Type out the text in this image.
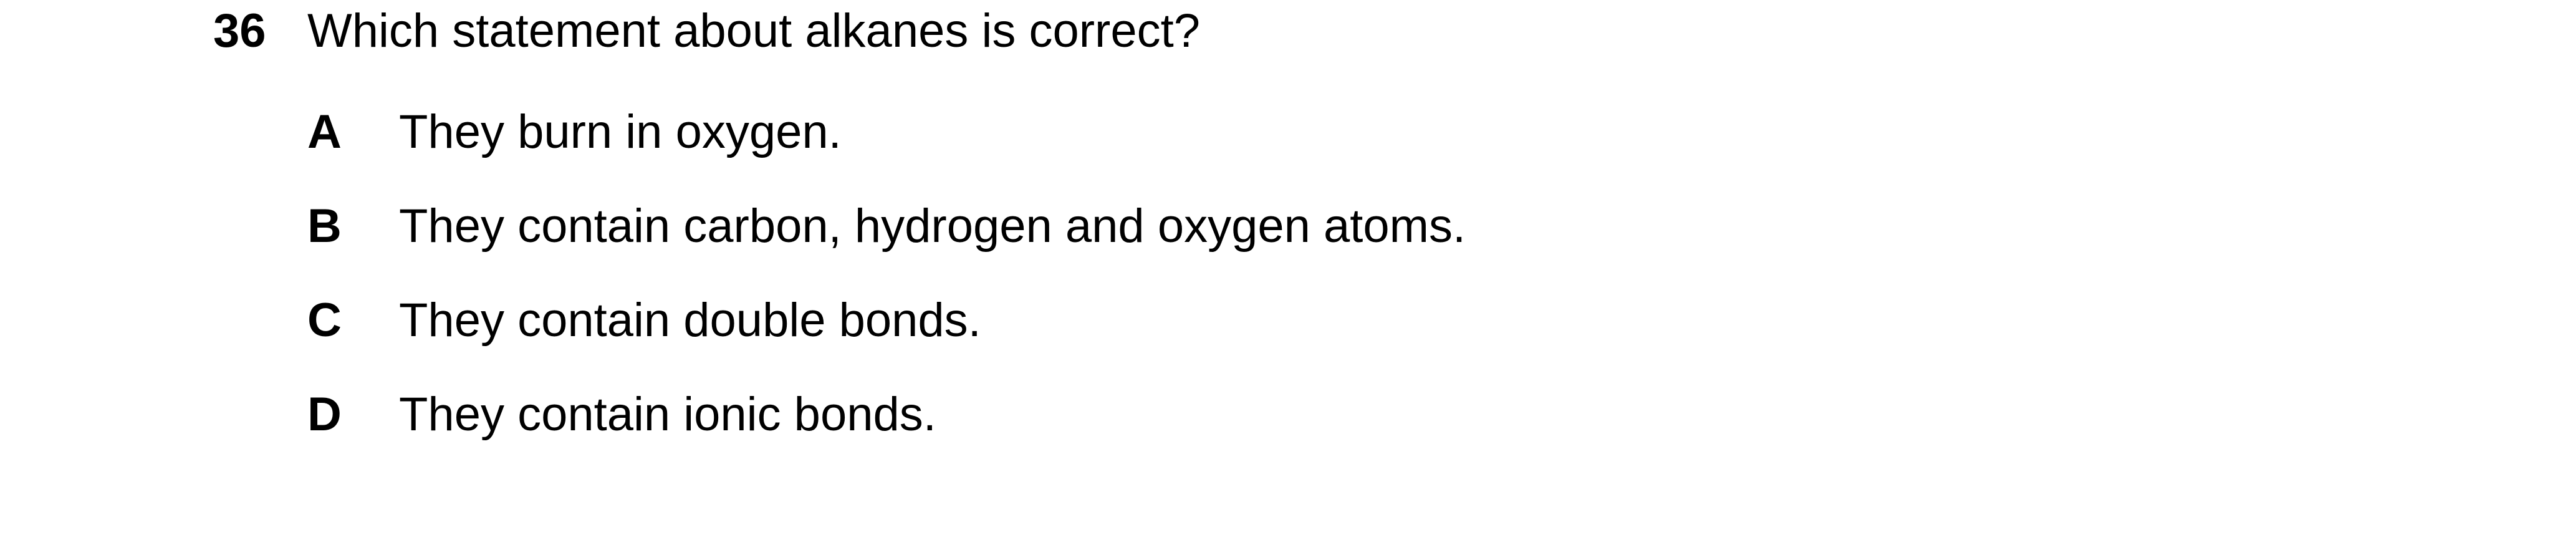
36 Which statement about alkanes is correct?
A They burn in oxygen.
B They contain carbon, hydrogen and oxygen atoms.
C They contain double bonds.
D They contain ionic bonds.
